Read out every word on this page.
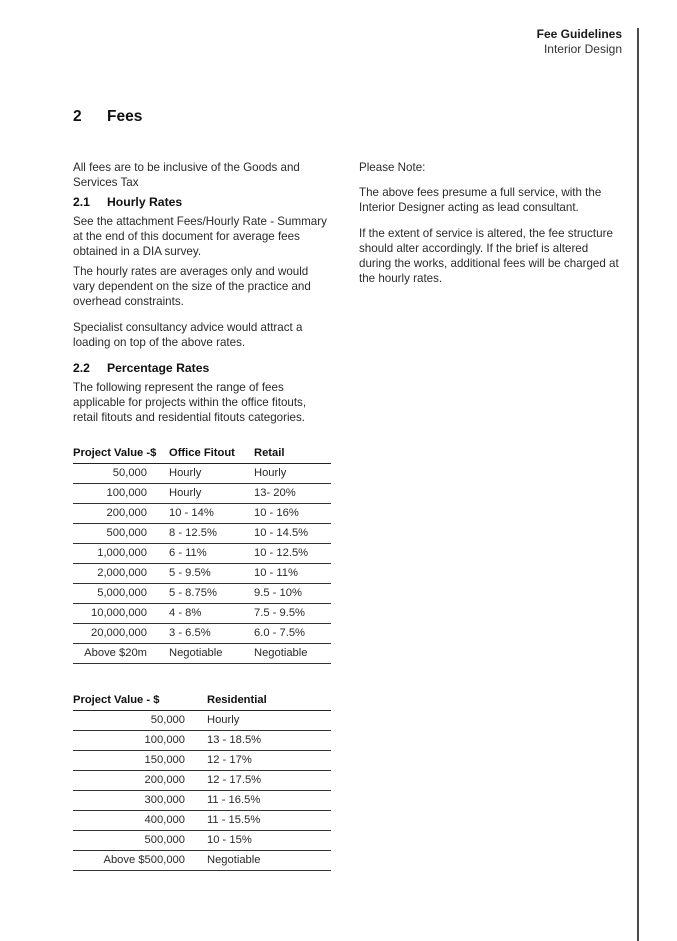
Fee Guidelines
Interior Design
2 Fees

All fees are to be inclusive of the Goods and Services Tax

2.1 Hourly Rates

See the attachment Fees/Hourly Rate - Summary at the end of this document for average fees obtained in a DIA survey.

The hourly rates are averages only and would vary dependent on the size of the practice and overhead constraints.

Specialist consultancy advice would attract a loading on top of the above rates.

2.2 Percentage Rates

The following represent the range of fees applicable for projects within the office fitouts, retail fitouts and residential fitouts categories.

Project Value -$	Office Fitout	Retail
50,000	Hourly	Hourly
100,000	Hourly	13- 20%
200,000	10 - 14%	10 - 16%
500,000	8 - 12.5%	10 - 14.5%
1,000,000	6 - 11%	10 - 12.5%
2,000,000	5 - 9.5%	10 - 11%
5,000,000	5 - 8.75%	9.5 - 10%
10,000,000	4 - 8%	7.5 - 9.5%
20,000,000	3 - 6.5%	6.0 - 7.5%
Above $20m	Negotiable	Negotiable
Project Value - $	Residential
50,000	Hourly
100,000	13 - 18.5%
150,000	12 - 17%
200,000	12 - 17.5%
300,000	11 - 16.5%
400,000	11 - 15.5%
500,000	10 - 15%
Above $500,000	Negotiable

Please Note:

The above fees presume a full service, with the Interior Designer acting as lead consultant.

If the extent of service is altered, the fee structure should alter accordingly. If the brief is altered during the works, additional fees will be charged at the hourly rates.
